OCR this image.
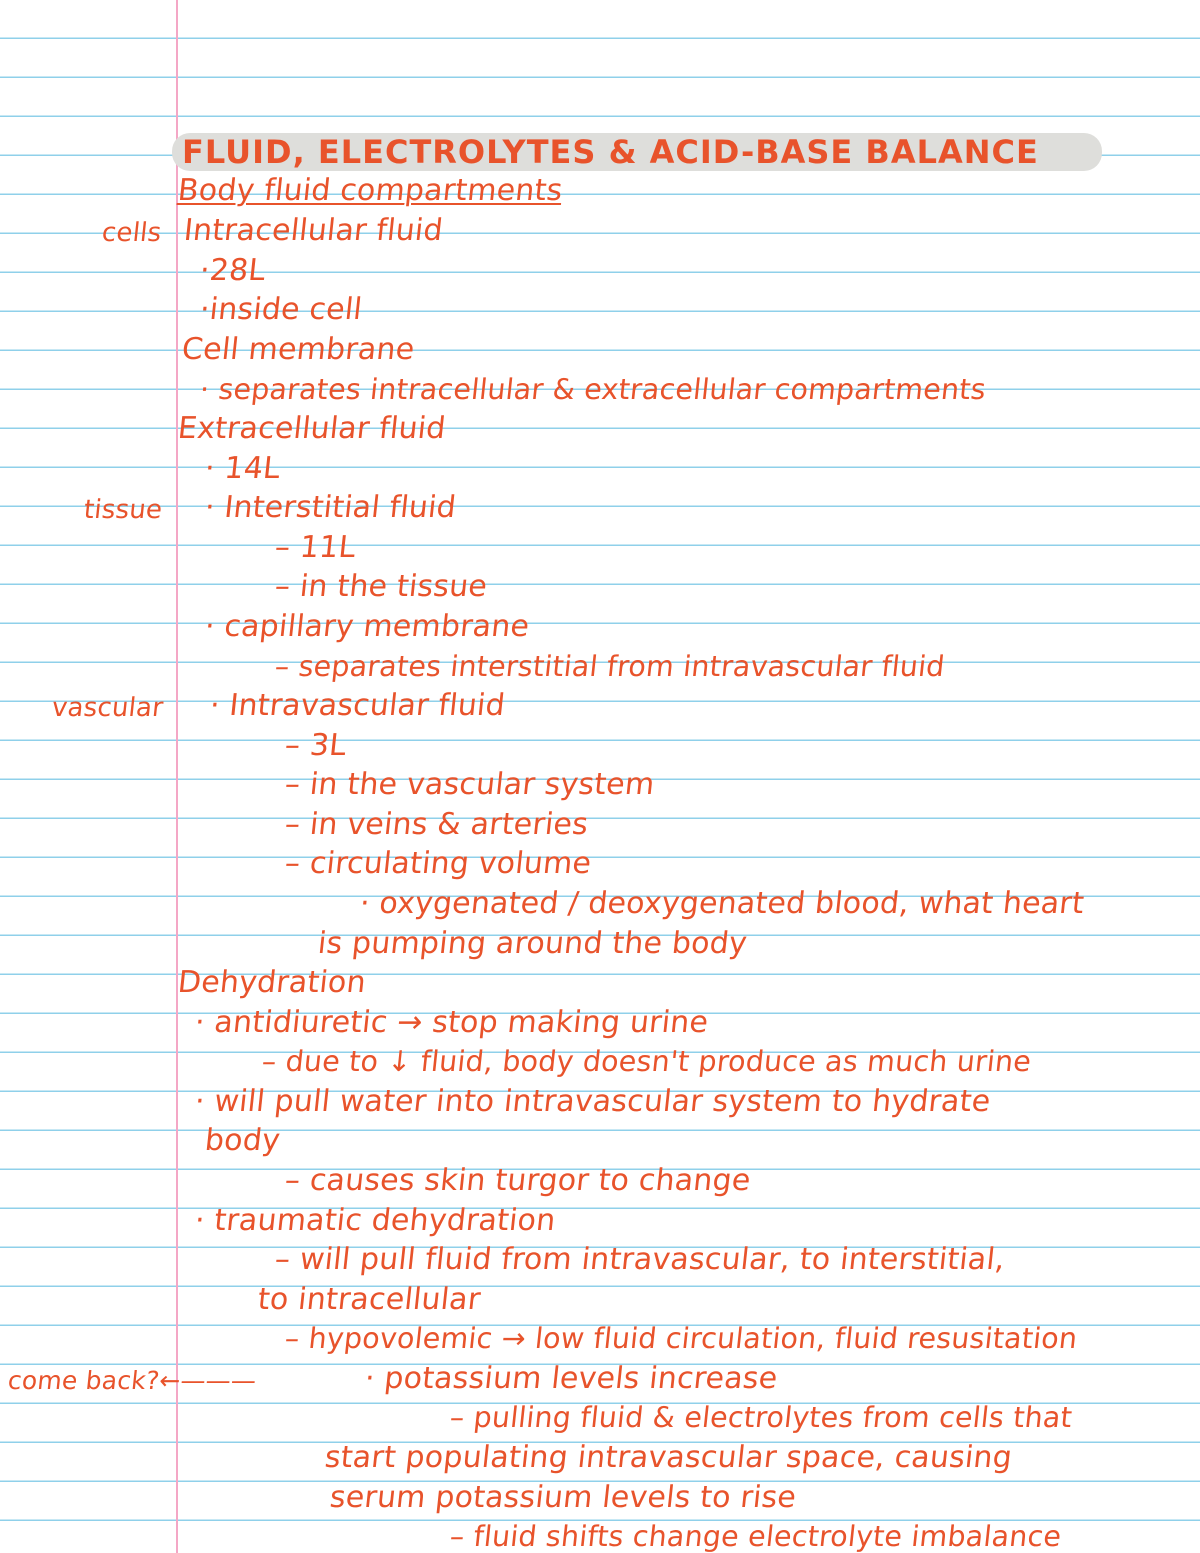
FLUID, ELECTROLYTES & ACID-BASE BALANCE
Body fluid compartments
Intracellular fluid
·28L
·inside cell
Cell membrane
· separates intracellular & extracellular compartments
Extracellular fluid
· 14L
· Interstitial fluid
– 11L
– in the tissue
· capillary membrane
– separates interstitial from intravascular fluid
· Intravascular fluid
– 3L
– in the vascular system
– in veins & arteries
– circulating volume
· oxygenated / deoxygenated blood, what heart
is pumping around the body
Dehydration
· antidiuretic → stop making urine
– due to ↓ fluid, body doesn't produce as much urine
· will pull water into intravascular system to hydrate
body
– causes skin turgor to change
· traumatic dehydration
– will pull fluid from intravascular, to interstitial,
to intracellular
– hypovolemic → low fluid circulation, fluid resusitation
· potassium levels increase
– pulling fluid & electrolytes from cells that
start populating intravascular space, causing
serum potassium levels to rise
– fluid shifts change electrolyte imbalance
cells
tissue
vascular
come back?←———
